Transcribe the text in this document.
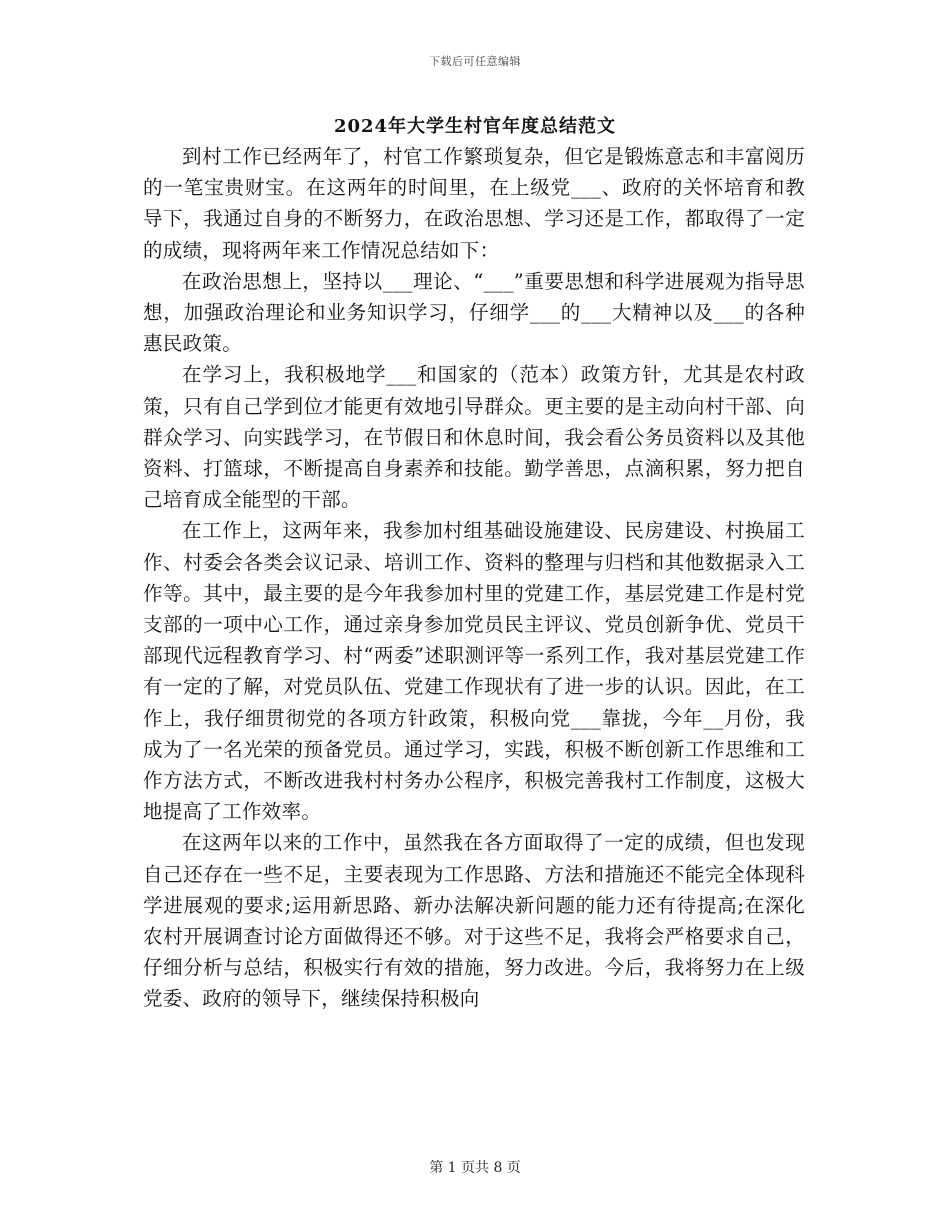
下载后可任意编辑
2024年大学生村官年度总结范文

到村工作已经两年了，村官工作繁琐复杂，但它是锻炼意志和丰富阅历的一笔宝贵财宝。在这两年的时间里，在上级党___、政府的关怀培育和教导下，我通过自身的不断努力，在政治思想、学习还是工作，都取得了一定的成绩，现将两年来工作情况总结如下：

在政治思想上，坚持以___理论、“___”重要思想和科学进展观为指导思想，加强政治理论和业务知识学习，仔细学___的___大精神以及___的各种惠民政策。

在学习上，我积极地学___和国家的（范本）政策方针，尤其是农村政策，只有自己学到位才能更有效地引导群众。更主要的是主动向村干部、向群众学习、向实践学习，在节假日和休息时间，我会看公务员资料以及其他资料、打篮球，不断提高自身素养和技能。勤学善思，点滴积累，努力把自己培育成全能型的干部。

在工作上，这两年来，我参加村组基础设施建设、民房建设、村换届工作、村委会各类会议记录、培训工作、资料的整理与归档和其他数据录入工作等。其中，最主要的是今年我参加村里的党建工作，基层党建工作是村党支部的一项中心工作，通过亲身参加党员民主评议、党员创新争优、党员干部现代远程教育学习、村“两委”述职测评等一系列工作，我对基层党建工作有一定的了解，对党员队伍、党建工作现状有了进一步的认识。因此，在工作上，我仔细贯彻党的各项方针政策，积极向党___靠拢，今年__月份，我成为了一名光荣的预备党员。通过学习，实践，积极不断创新工作思维和工作方法方式，不断改进我村村务办公程序，积极完善我村工作制度，这极大地提高了工作效率。

在这两年以来的工作中，虽然我在各方面取得了一定的成绩，但也发现自己还存在一些不足，主要表现为工作思路、方法和措施还不能完全体现科学进展观的要求;运用新思路、新办法解决新问题的能力还有待提高;在深化农村开展调查讨论方面做得还不够。对于这些不足，我将会严格要求自己，仔细分析与总结，积极实行有效的措施，努力改进。今后，我将努力在上级党委、政府的领导下，继续保持积极向

第 1 页共 8 页
